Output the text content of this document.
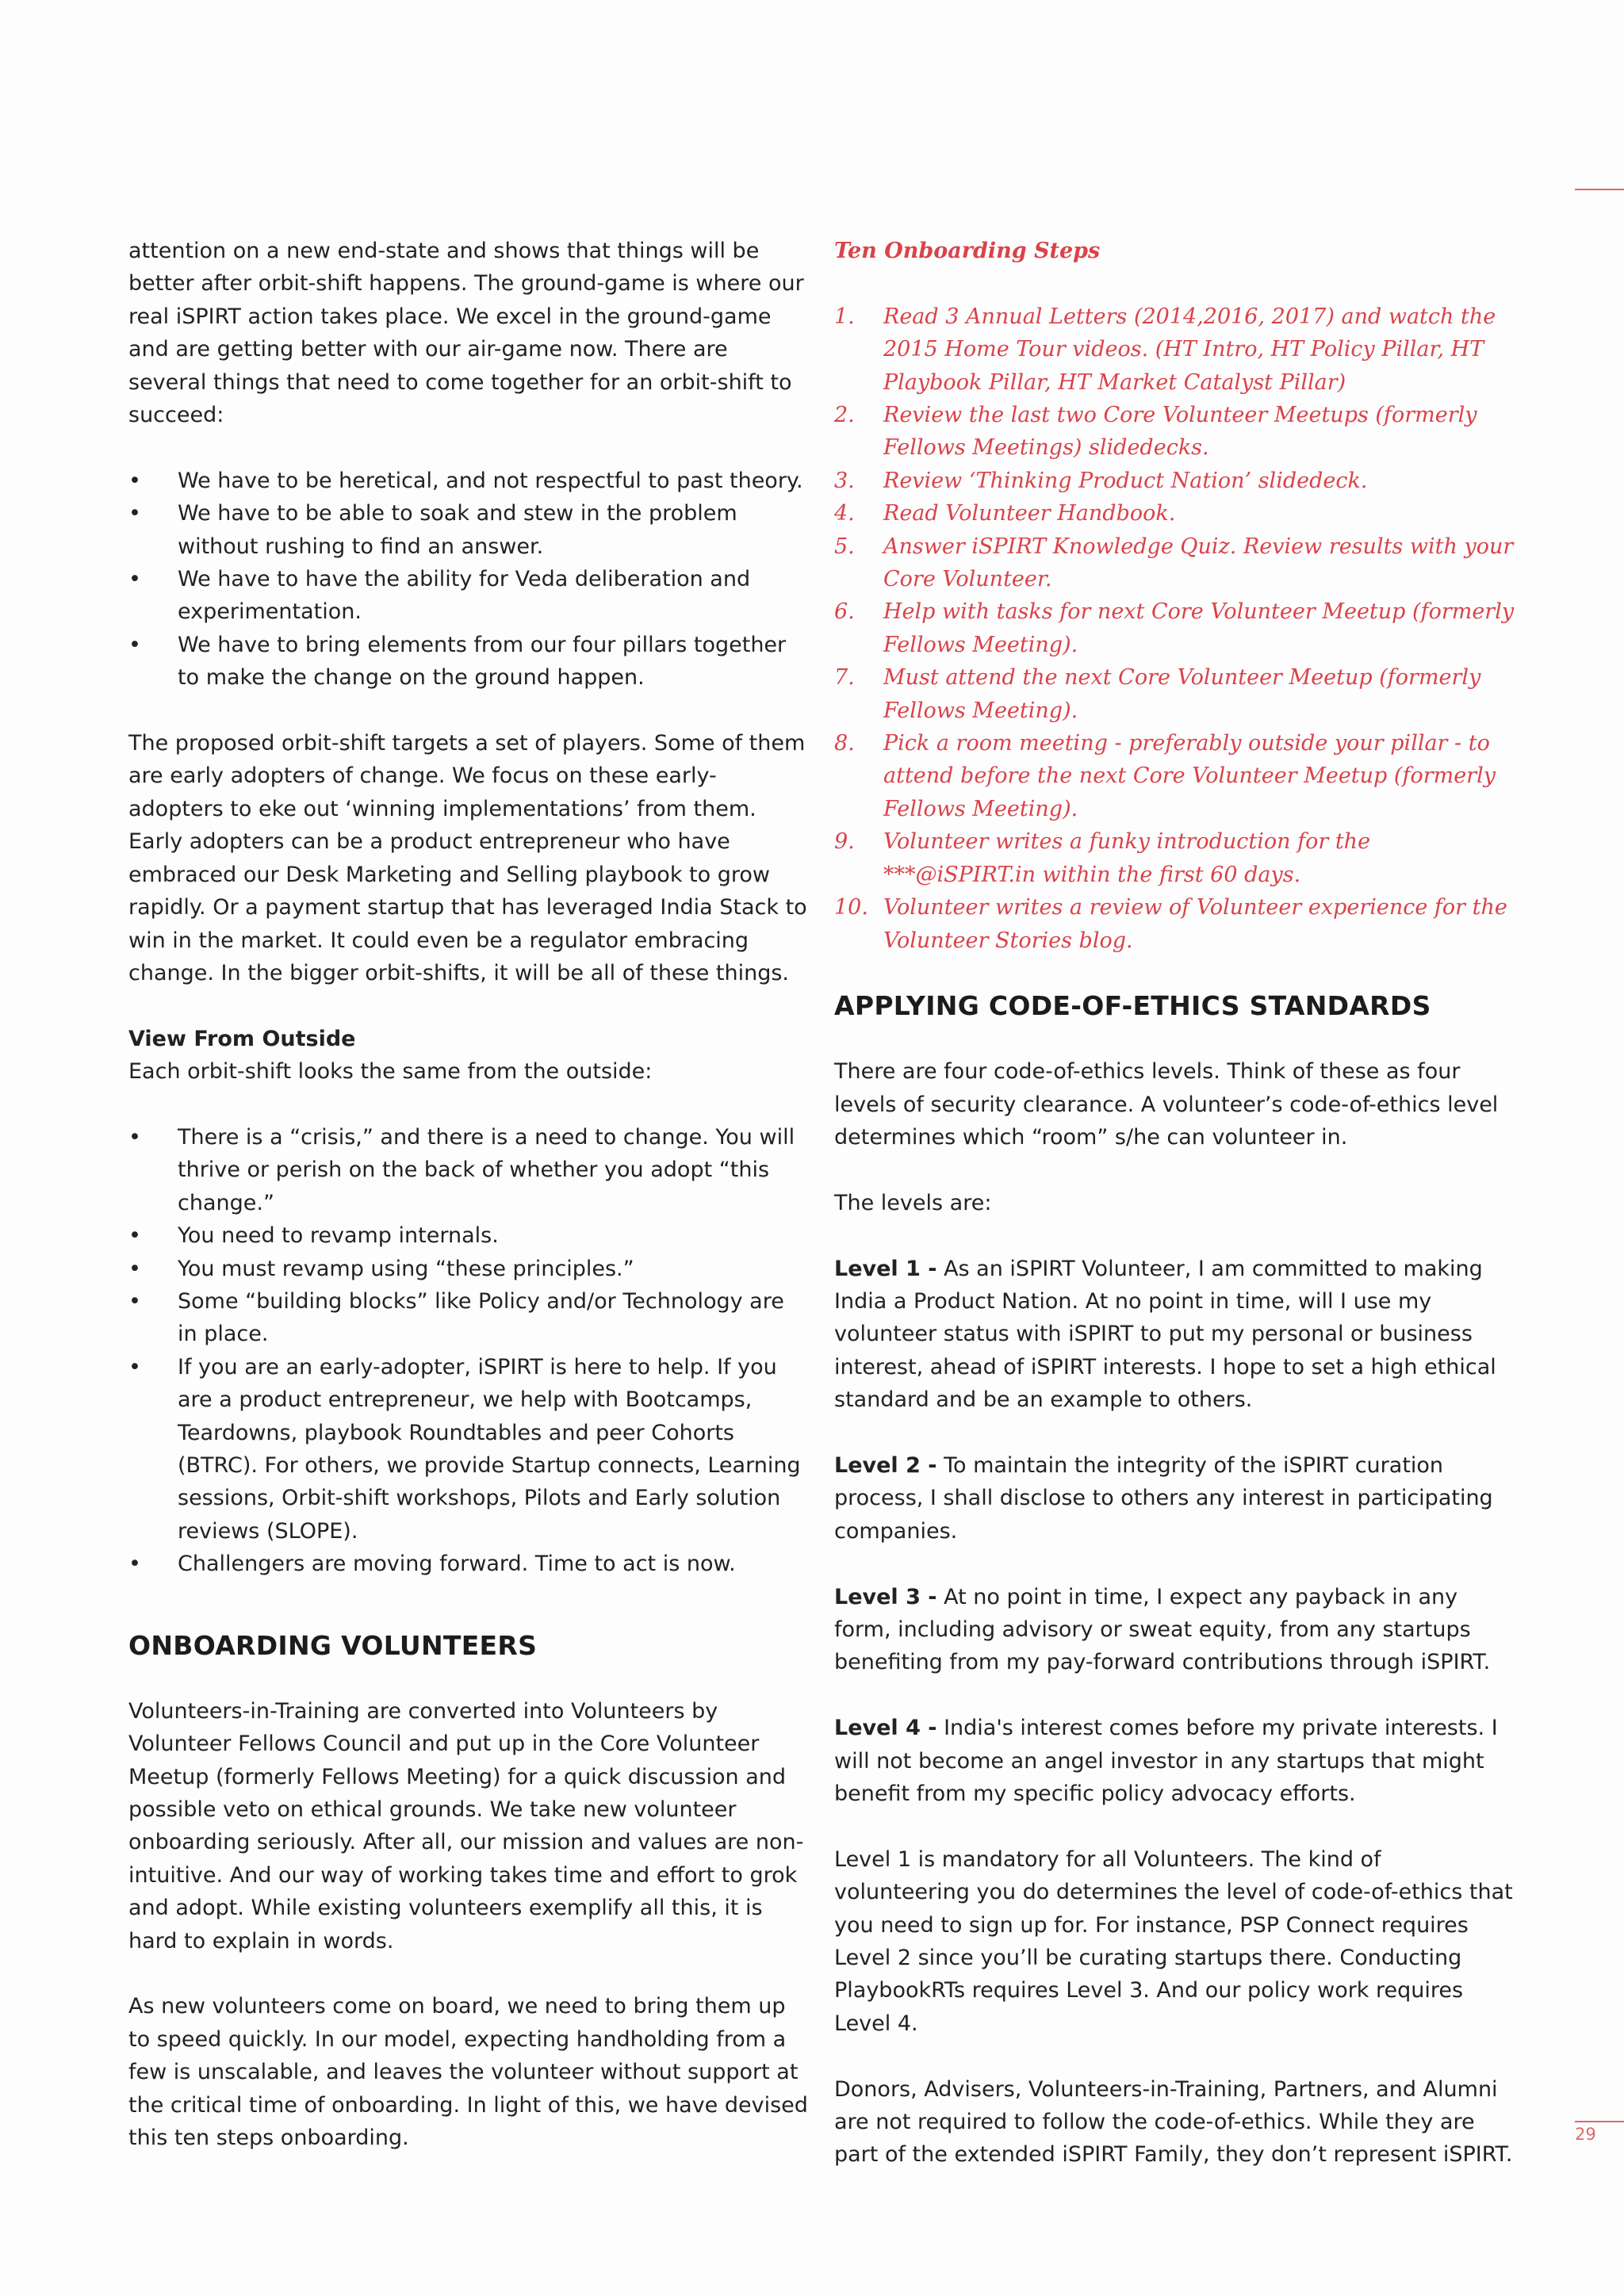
attention on a new end-state and shows that things will be better after orbit-shift happens. The ground-game is where our real iSPIRT action takes place. We excel in the ground-game and are getting better with our air-game now. There are several things that need to come together for an orbit-shift to succeed:

• We have to be heretical, and not respectful to past theory.
• We have to be able to soak and stew in the problem without rushing to find an answer.
• We have to have the ability for Veda deliberation and experimentation.
• We have to bring elements from our four pillars together to make the change on the ground happen.

The proposed orbit-shift targets a set of players. Some of them are early adopters of change. We focus on these early-adopters to eke out ‘winning implementations’ from them. Early adopters can be a product entrepreneur who have embraced our Desk Marketing and Selling playbook to grow rapidly. Or a payment startup that has leveraged India Stack to win in the market. It could even be a regulator embracing change. In the bigger orbit-shifts, it will be all of these things.

View From Outside

Each orbit-shift looks the same from the outside:

• There is a “crisis,” and there is a need to change. You will thrive or perish on the back of whether you adopt “this change.”
• You need to revamp internals.
• You must revamp using “these principles.”
• Some “building blocks” like Policy and/or Technology are in place.
• If you are an early-adopter, iSPIRT is here to help. If you are a product entrepreneur, we help with Bootcamps, Teardowns, playbook Roundtables and peer Cohorts (BTRC). For others, we provide Startup connects, Learning sessions, Orbit-shift workshops, Pilots and Early solution reviews (SLOPE).
• Challengers are moving forward. Time to act is now.

ONBOARDING VOLUNTEERS

Volunteers-in-Training are converted into Volunteers by Volunteer Fellows Council and put up in the Core Volunteer Meetup (formerly Fellows Meeting) for a quick discussion and possible veto on ethical grounds. We take new volunteer onboarding seriously. After all, our mission and values are non-intuitive. And our way of working takes time and effort to grok and adopt. While existing volunteers exemplify all this, it is hard to explain in words.

As new volunteers come on board, we need to bring them up to speed quickly. In our model, expecting handholding from a few is unscalable, and leaves the volunteer without support at the critical time of onboarding. In light of this, we have devised this ten steps onboarding.

Ten Onboarding Steps

1. Read 3 Annual Letters (2014,2016, 2017) and watch the 2015 Home Tour videos. (HT Intro, HT Policy Pillar, HT Playbook Pillar, HT Market Catalyst Pillar)
2. Review the last two Core Volunteer Meetups (formerly Fellows Meetings) slidedecks.
3. Review ‘Thinking Product Nation’ slidedeck.
4. Read Volunteer Handbook.
5. Answer iSPIRT Knowledge Quiz. Review results with your Core Volunteer.
6. Help with tasks for next Core Volunteer Meetup (formerly Fellows Meeting).
7. Must attend the next Core Volunteer Meetup (formerly Fellows Meeting).
8. Pick a room meeting - preferably outside your pillar - to attend before the next Core Volunteer Meetup (formerly Fellows Meeting).
9. Volunteer writes a funky introduction for the ***@iSPIRT.in within the first 60 days.
10. Volunteer writes a review of Volunteer experience for the Volunteer Stories blog.

APPLYING CODE-OF-ETHICS STANDARDS

There are four code-of-ethics levels. Think of these as four levels of security clearance. A volunteer’s code-of-ethics level determines which “room” s/he can volunteer in.

The levels are:

Level 1 - As an iSPIRT Volunteer, I am committed to making India a Product Nation. At no point in time, will I use my volunteer status with iSPIRT to put my personal or business interest, ahead of iSPIRT interests. I hope to set a high ethical standard and be an example to others.

Level 2 - To maintain the integrity of the iSPIRT curation process, I shall disclose to others any interest in participating companies.

Level 3 - At no point in time, I expect any payback in any form, including advisory or sweat equity, from any startups benefiting from my pay-forward contributions through iSPIRT.

Level 4 - India's interest comes before my private interests. I will not become an angel investor in any startups that might benefit from my specific policy advocacy efforts.

Level 1 is mandatory for all Volunteers. The kind of volunteering you do determines the level of code-of-ethics that you need to sign up for. For instance, PSP Connect requires Level 2 since you’ll be curating startups there. Conducting PlaybookRTs requires Level 3. And our policy work requires Level 4.

Donors, Advisers, Volunteers-in-Training, Partners, and Alumni are not required to follow the code-of-ethics. While they are part of the extended iSPIRT Family, they don’t represent iSPIRT.

29
